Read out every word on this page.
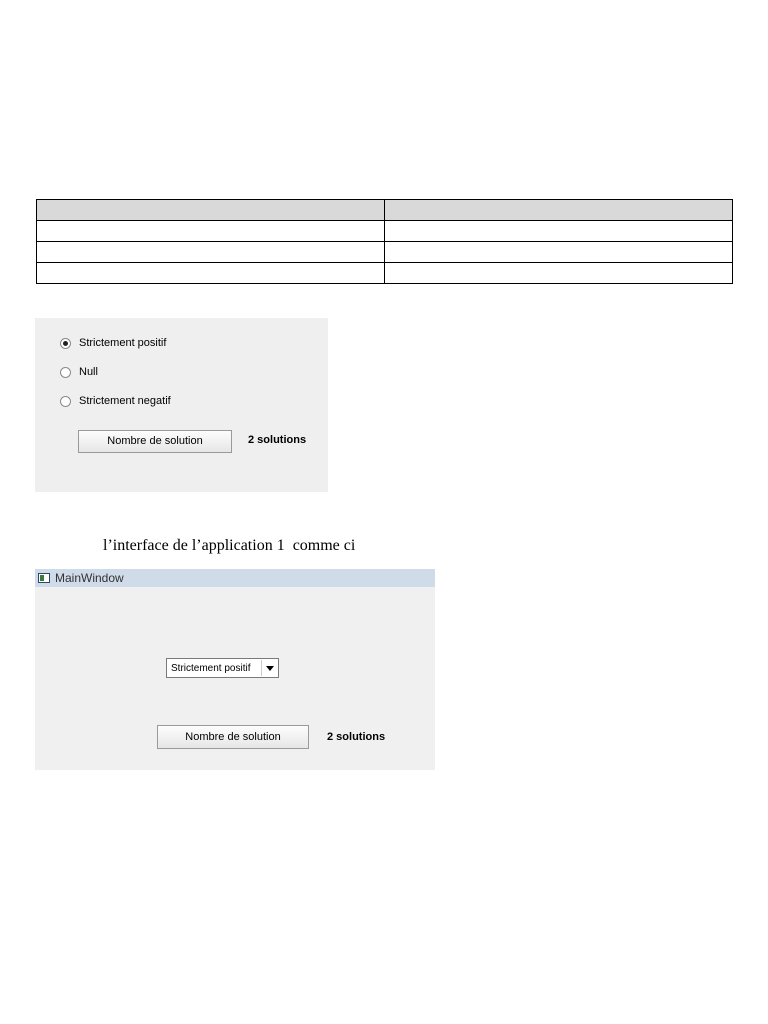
Strictement positif
Null
Strictement negatif
Nombre de solution	2 solutions
l’interface de l’application 1  comme ci
MainWindow
Strictement positif
Nombre de solution	2 solutions
